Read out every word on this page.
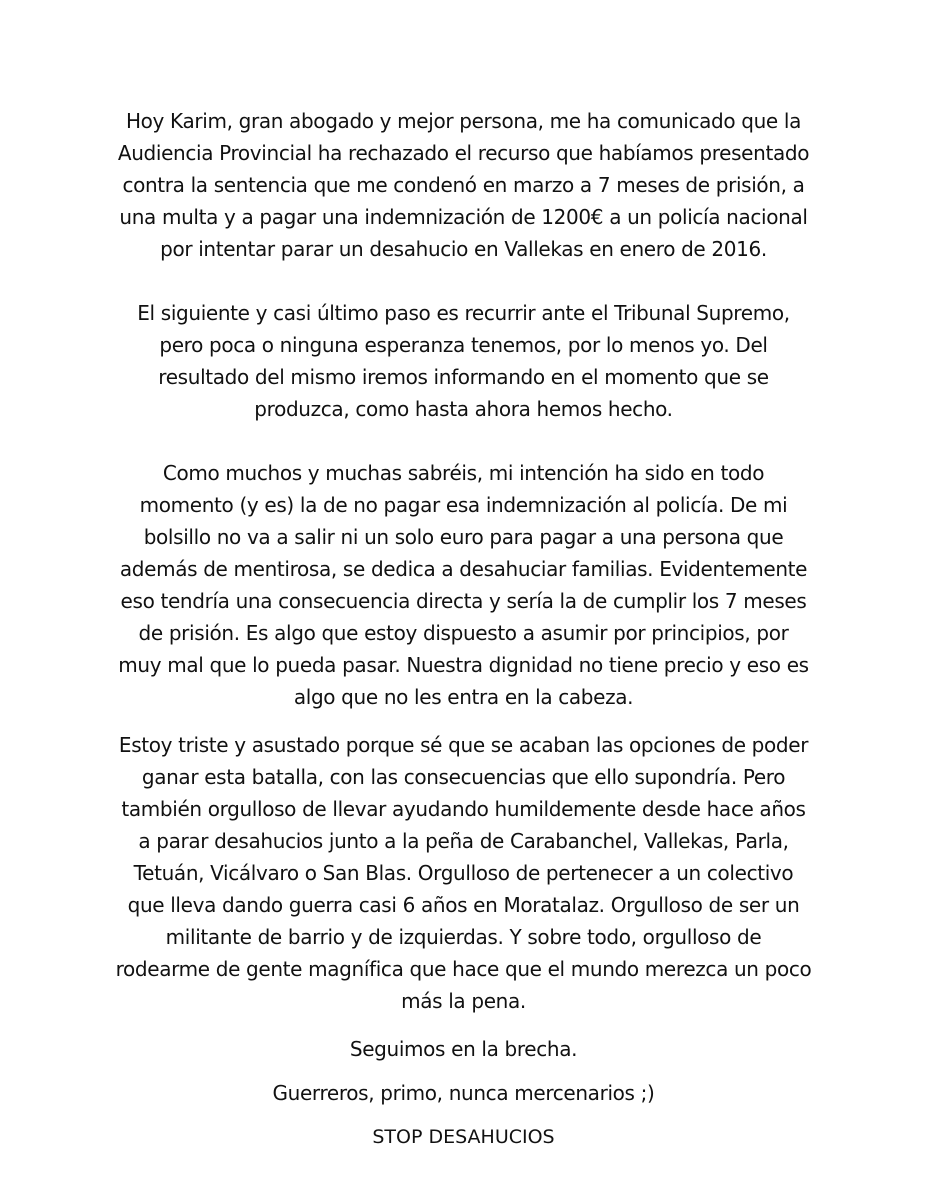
Hoy Karim, gran abogado y mejor persona, me ha comunicado que la
Audiencia Provincial ha rechazado el recurso que habíamos presentado
contra la sentencia que me condenó en marzo a 7 meses de prisión, a
una multa y a pagar una indemnización de 1200€ a un policía nacional
por intentar parar un desahucio en Vallekas en enero de 2016.

El siguiente y casi último paso es recurrir ante el Tribunal Supremo,
pero poca o ninguna esperanza tenemos, por lo menos yo. Del
resultado del mismo iremos informando en el momento que se
produzca, como hasta ahora hemos hecho.

Como muchos y muchas sabréis, mi intención ha sido en todo
momento (y es) la de no pagar esa indemnización al policía. De mi
bolsillo no va a salir ni un solo euro para pagar a una persona que
además de mentirosa, se dedica a desahuciar familias. Evidentemente
eso tendría una consecuencia directa y sería la de cumplir los 7 meses
de prisión. Es algo que estoy dispuesto a asumir por principios, por
muy mal que lo pueda pasar. Nuestra dignidad no tiene precio y eso es
algo que no les entra en la cabeza.

Estoy triste y asustado porque sé que se acaban las opciones de poder
ganar esta batalla, con las consecuencias que ello supondría. Pero
también orgulloso de llevar ayudando humildemente desde hace años
a parar desahucios junto a la peña de Carabanchel, Vallekas, Parla,
Tetuán, Vicálvaro o San Blas. Orgulloso de pertenecer a un colectivo
que lleva dando guerra casi 6 años en Moratalaz. Orgulloso de ser un
militante de barrio y de izquierdas. Y sobre todo, orgulloso de
rodearme de gente magnífica que hace que el mundo merezca un poco
más la pena.

Seguimos en la brecha.

Guerreros, primo, nunca mercenarios ;)

STOP DESAHUCIOS
